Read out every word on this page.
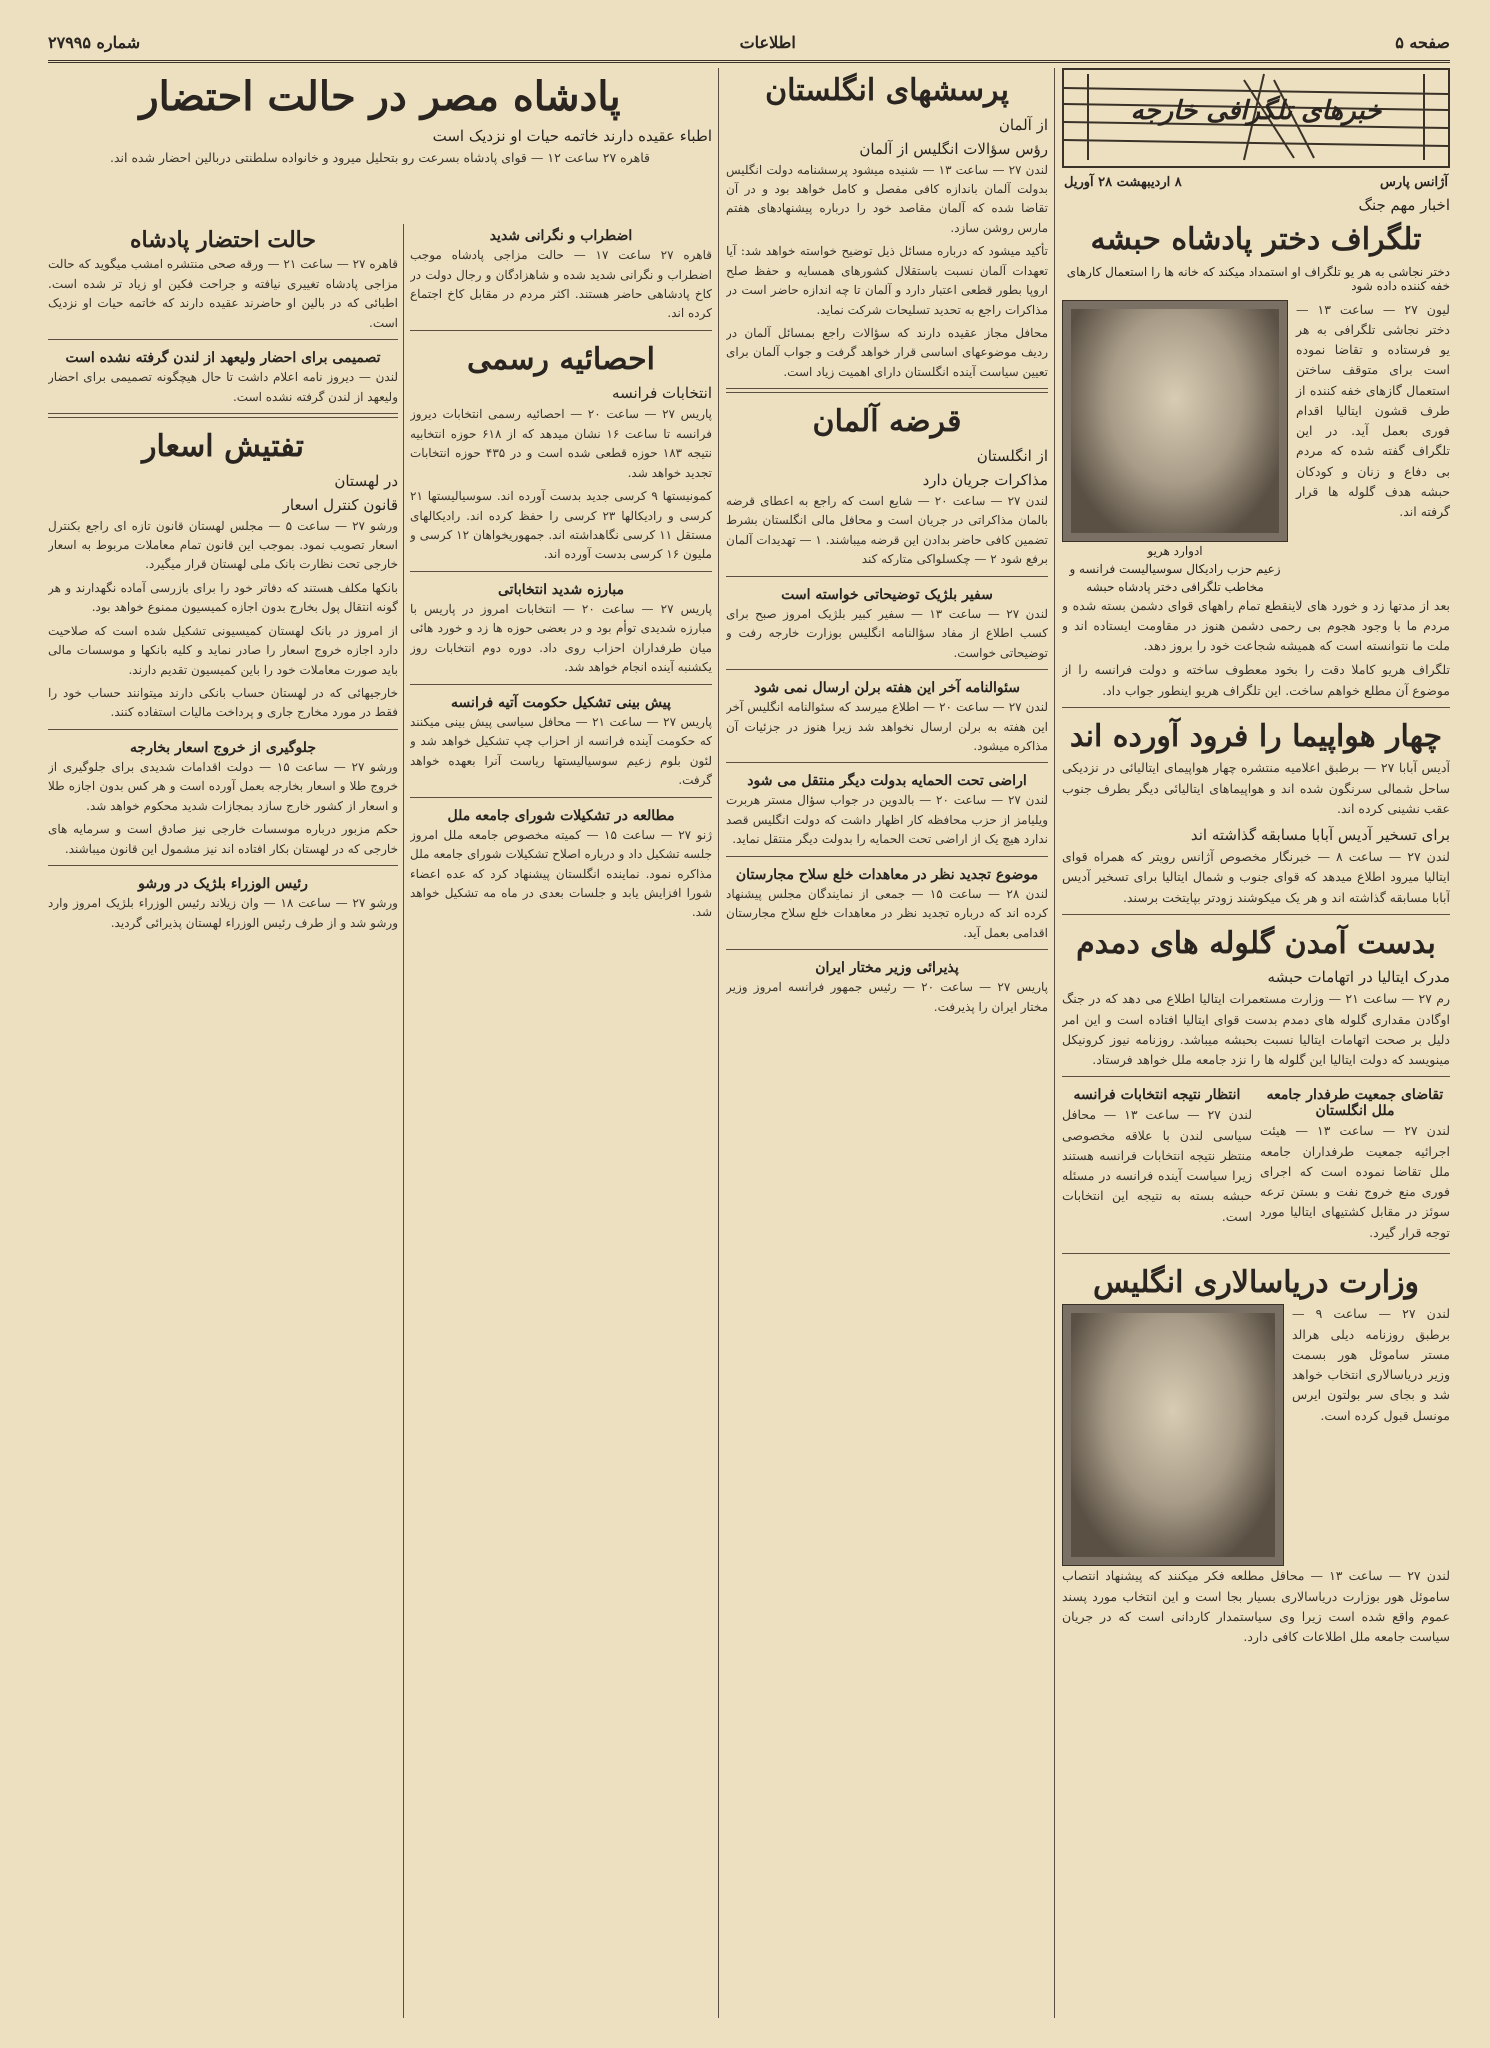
صفحه ۵
اطلاعات
شماره ۲۷۹۹۵
خبرهای تلگرافی خارجه
آژانس پارس
۸ اردیبهشت ۲۸ آوریل
اخبار مهم جنگ
تلگراف دختر پادشاه حبشه
دختر نجاشی به هر یو تلگراف او استمداد میکند که خانه ها را استعمال کارهای خفه کننده داده شود

لیون ۲۷ — ساعت ۱۳ — دختر نجاشی تلگرافی به هر یو فرستاده و تقاضا نموده است برای متوقف ساختن استعمال گازهای خفه کننده از طرف قشون ایتالیا اقدام فوری بعمل آید. در این تلگراف گفته شده که مردم بی دفاع و زنان و کودکان حبشه هدف گلوله ها قرار گرفته اند.

ادوارد هریو
زعیم حزب رادیکال سوسیالیست فرانسه و مخاطب تلگرافی دختر پادشاه حبشه

بعد از مدتها زد و خورد های لاینقطع تمام راههای قوای دشمن بسته شده و مردم ما با وجود هجوم بی رحمی دشمن هنوز در مقاومت ایستاده اند و ملت ما نتوانسته است که همیشه شجاعت خود را بروز دهد.

تلگراف هریو کاملا دقت را بخود معطوف ساخته و دولت فرانسه را از موضوع آن مطلع خواهم ساخت. این تلگراف هریو اینطور جواب داد.

چهار هواپیما را فرود آورده اند

آدیس آبابا ۲۷ — برطبق اعلامیه منتشره چهار هواپیمای ایتالیائی در نزدیکی ساحل شمالی سرنگون شده اند و هواپیماهای ایتالیائی دیگر بطرف جنوب عقب نشینی کرده اند.

برای تسخیر آدیس آبابا مسابقه گذاشته اند

لندن ۲۷ — ساعت ۸ — خبرنگار مخصوص آژانس رویتر که همراه قوای ایتالیا میرود اطلاع میدهد که قوای جنوب و شمال ایتالیا برای تسخیر آدیس آبابا مسابقه گذاشته اند و هر یک میکوشند زودتر بپایتخت برسند.

بدست آمدن گلوله های دمدم
مدرک ایتالیا در اتهامات حبشه

رم ۲۷ — ساعت ۲۱ — وزارت مستعمرات ایتالیا اطلاع می دهد که در جنگ اوگادن مقداری گلوله های دمدم بدست قوای ایتالیا افتاده است و این امر دلیل بر صحت اتهامات ایتالیا نسبت بحبشه میباشد. روزنامه نیوز کرونیکل مینویسد که دولت ایتالیا این گلوله ها را نزد جامعه ملل خواهد فرستاد.

تقاضای جمعیت طرفدار جامعه ملل انگلستان

لندن ۲۷ — ساعت ۱۳ — هیئت اجرائیه جمعیت طرفداران جامعه ملل تقاضا نموده است که اجرای فوری منع خروج نفت و بستن ترعه سوئز در مقابل کشتیهای ایتالیا مورد توجه قرار گیرد.

انتظار نتیجه انتخابات فرانسه

لندن ۲۷ — ساعت ۱۳ — محافل سیاسی لندن با علاقه مخصوصی منتظر نتیجه انتخابات فرانسه هستند زیرا سیاست آینده فرانسه در مسئله حبشه بسته به نتیجه این انتخابات است.

وزارت دریاسالاری انگلیس

لندن ۲۷ — ساعت ۹ — برطبق روزنامه دیلی هرالد مستر ساموئل هور بسمت وزیر دریاسالاری انتخاب خواهد شد و بجای سر بولتون ایرس مونسل قبول کرده است.

لندن ۲۷ — ساعت ۱۳ — محافل مطلعه فکر میکنند که پیشنهاد انتصاب ساموئل هور بوزارت دریاسالاری بسیار بجا است و این انتخاب مورد پسند عموم واقع شده است زیرا وی سیاستمدار کاردانی است که در جریان سیاست جامعه ملل اطلاعات کافی دارد.

پرسشهای انگلستان
از آلمان
رؤس سؤالات انگلیس از آلمان

لندن ۲۷ — ساعت ۱۳ — شنیده میشود پرسشنامه دولت انگلیس بدولت آلمان باندازه کافی مفصل و کامل خواهد بود و در آن تقاضا شده که آلمان مقاصد خود را درباره پیشنهادهای هفتم مارس روشن سازد.

تأکید میشود که درباره مسائل ذیل توضیح خواسته خواهد شد: آیا تعهدات آلمان نسبت باستقلال کشورهای همسایه و حفظ صلح اروپا بطور قطعی اعتبار دارد و آلمان تا چه اندازه حاضر است در مذاکرات راجع به تحدید تسلیحات شرکت نماید.

محافل مجاز عقیده دارند که سؤالات راجع بمسائل آلمان در ردیف موضوعهای اساسی قرار خواهد گرفت و جواب آلمان برای تعیین سیاست آینده انگلستان دارای اهمیت زیاد است.

قرضه آلمان
از انگلستان
مذاکرات جریان دارد

لندن ۲۷ — ساعت ۲۰ — شایع است که راجع به اعطای قرضه بالمان مذاکراتی در جریان است و محافل مالی انگلستان بشرط تضمین کافی حاضر بدادن این قرضه میباشند. ۱ — تهدیدات آلمان برفع شود ۲ — چکسلواکی متارکه کند

سفیر بلژیک توضیحاتی خواسته است

لندن ۲۷ — ساعت ۱۳ — سفیر کبیر بلژیک امروز صبح برای کسب اطلاع از مفاد سؤالنامه انگلیس بوزارت خارجه رفت و توضیحاتی خواست.

سئوالنامه آخر این هفته برلن ارسال نمی شود

لندن ۲۷ — ساعت ۲۰ — اطلاع میرسد که سئوالنامه انگلیس آخر این هفته به برلن ارسال نخواهد شد زیرا هنوز در جزئیات آن مذاکره میشود.

اراضی تحت الحمایه بدولت دیگر منتقل می شود

لندن ۲۷ — ساعت ۲۰ — بالدوین در جواب سؤال مستر هربرت ویلیامز از حزب محافظه کار اظهار داشت که دولت انگلیس قصد ندارد هیچ یک از اراضی تحت الحمایه را بدولت دیگر منتقل نماید.

موضوع تجدید نظر در معاهدات خلع سلاح مجارستان

لندن ۲۸ — ساعت ۱۵ — جمعی از نمایندگان مجلس پیشنهاد کرده اند که درباره تجدید نظر در معاهدات خلع سلاح مجارستان اقدامی بعمل آید.

پذیرائی وزیر مختار ایران

پاریس ۲۷ — ساعت ۲۰ — رئیس جمهور فرانسه امروز وزیر مختار ایران را پذیرفت.

پادشاه مصر در حالت احتضار
اطباء عقیده دارند خاتمه حیات او نزدیک است

قاهره ۲۷ ساعت ۱۲ — قوای پادشاه بسرعت رو بتحلیل میرود و خانواده سلطنتی دربالین احضار شده اند.

اضطراب و نگرانی شدید

قاهره ۲۷ ساعت ۱۷ — حالت مزاجی پادشاه موجب اضطراب و نگرانی شدید شده و شاهزادگان و رجال دولت در کاخ پادشاهی حاضر هستند. اکثر مردم در مقابل کاخ اجتماع کرده اند.

احصائیه رسمی
انتخابات فرانسه

پاریس ۲۷ — ساعت ۲۰ — احصائیه رسمی انتخابات دیروز فرانسه تا ساعت ۱۶ نشان میدهد که از ۶۱۸ حوزه انتخابیه نتیجه ۱۸۳ حوزه قطعی شده است و در ۴۳۵ حوزه انتخابات تجدید خواهد شد.

کمونیستها ۹ کرسی جدید بدست آورده اند. سوسیالیستها ۲۱ کرسی و رادیکالها ۲۳ کرسی را حفظ کرده اند. رادیکالهای مستقل ۱۱ کرسی نگاهداشته اند. جمهوریخواهان ۱۲ کرسی و ملیون ۱۶ کرسی بدست آورده اند.

مبارزه شدید انتخاباتی

پاریس ۲۷ — ساعت ۲۰ — انتخابات امروز در پاریس با مبارزه شدیدی توأم بود و در بعضی حوزه ها زد و خورد هائی میان طرفداران احزاب روی داد. دوره دوم انتخابات روز یکشنبه آینده انجام خواهد شد.

پیش بینی تشکیل حکومت آتیه فرانسه

پاریس ۲۷ — ساعت ۲۱ — محافل سیاسی پیش بینی میکنند که حکومت آینده فرانسه از احزاب چپ تشکیل خواهد شد و لئون بلوم زعیم سوسیالیستها ریاست آنرا بعهده خواهد گرفت.

مطالعه در تشکیلات شورای جامعه ملل

ژنو ۲۷ — ساعت ۱۵ — کمیته مخصوص جامعه ملل امروز جلسه تشکیل داد و درباره اصلاح تشکیلات شورای جامعه ملل مذاکره نمود. نماینده انگلستان پیشنهاد کرد که عده اعضاء شورا افزایش یابد و جلسات بعدی در ماه مه تشکیل خواهد شد.

حالت احتضار پادشاه

قاهره ۲۷ — ساعت ۲۱ — ورقه صحی منتشره امشب میگوید که حالت مزاجی پادشاه تغییری نیافته و جراحت فکین او زیاد تر شده است. اطبائی که در بالین او حاضرند عقیده دارند که خاتمه حیات او نزدیک است.

تصمیمی برای احضار ولیعهد از لندن گرفته نشده است

لندن — دیروز نامه اعلام داشت تا حال هیچگونه تصمیمی برای احضار ولیعهد از لندن گرفته نشده است.

تفتیش اسعار
در لهستان
قانون کنترل اسعار

ورشو ۲۷ — ساعت ۵ — مجلس لهستان قانون تازه ای راجع بکنترل اسعار تصویب نمود. بموجب این قانون تمام معاملات مربوط به اسعار خارجی تحت نظارت بانک ملی لهستان قرار میگیرد.

بانکها مکلف هستند که دفاتر خود را برای بازرسی آماده نگهدارند و هر گونه انتقال پول بخارج بدون اجازه کمیسیون ممنوع خواهد بود.

از امروز در بانک لهستان کمیسیونی تشکیل شده است که صلاحیت دارد اجازه خروج اسعار را صادر نماید و کلیه بانکها و موسسات مالی باید صورت معاملات خود را باین کمیسیون تقدیم دارند.

خارجیهائی که در لهستان حساب بانکی دارند میتوانند حساب خود را فقط در مورد مخارج جاری و پرداخت مالیات استفاده کنند.

جلوگیری از خروج اسعار بخارجه

ورشو ۲۷ — ساعت ۱۵ — دولت اقدامات شدیدی برای جلوگیری از خروج طلا و اسعار بخارجه بعمل آورده است و هر کس بدون اجازه طلا و اسعار از کشور خارج سازد بمجازات شدید محکوم خواهد شد.

حکم مزبور درباره موسسات خارجی نیز صادق است و سرمایه های خارجی که در لهستان بکار افتاده اند نیز مشمول این قانون میباشند.

رئیس الوزراء بلژیک در ورشو

ورشو ۲۷ — ساعت ۱۸ — وان زیلاند رئیس الوزراء بلژیک امروز وارد ورشو شد و از طرف رئیس الوزراء لهستان پذیرائی گردید.
